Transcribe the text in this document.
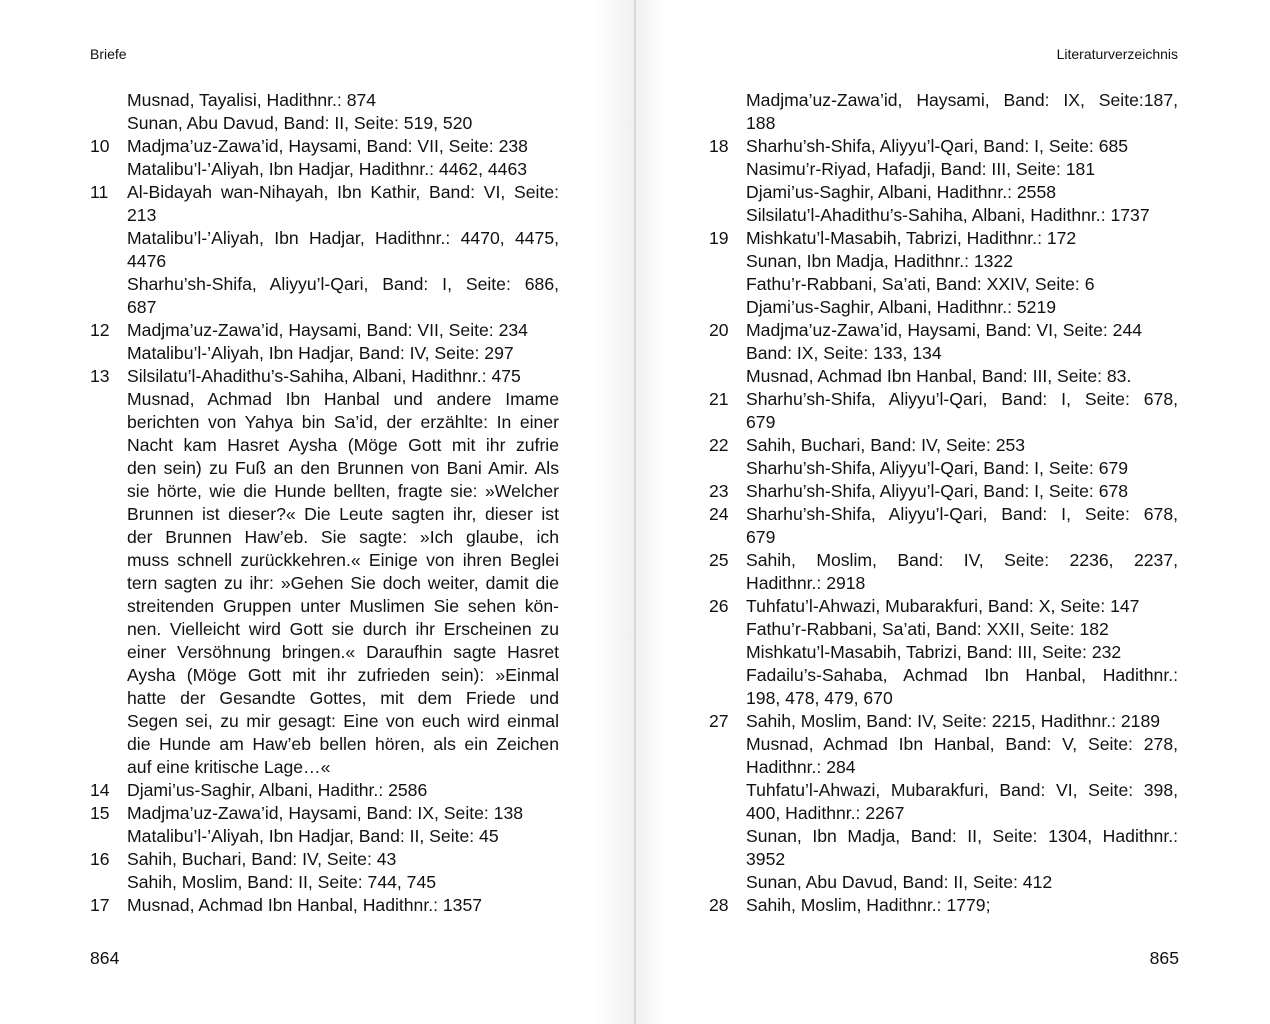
Briefe
Musnad, Tayalisi, Hadithnr.: 874
Sunan, Abu Davud, Band: II, Seite: 519, 520
10 Madjma’uz-Zawa’id, Haysami, Band: VII, Seite: 238
Matalibu’l-’Aliyah, Ibn Hadjar, Hadithnr.: 4462, 4463
11	Al-Bidayah wan-Nihayah, Ibn Kathir, Band: VI, Seite:
213
Matalibu’l-’Aliyah, Ibn Hadjar, Hadithnr.: 4470, 4475,
4476
Sharhu’sh-Shifa, Aliyyu’l-Qari, Band: I, Seite: 686,
687
12 Madjma’uz-Zawa’id, Haysami, Band: VII, Seite: 234
Matalibu’l-’Aliyah, Ibn Hadjar, Band: IV, Seite: 297
13 Silsilatu’l-Ahadithu’s-Sahiha, Albani, Hadithnr.: 475
Musnad, Achmad Ibn Hanbal und andere Imame
berichten von Yahya bin Sa’id, der erzählte: In einer
Nacht kam Hasret Aysha (Möge Gott mit ihr zufrie
den sein) zu Fuß an den Brunnen von Bani Amir. Als
sie hörte, wie die Hunde bellten, fragte sie: »Welcher
Brunnen ist dieser?« Die Leute sagten ihr, dieser ist
der Brunnen Haw’eb. Sie sagte: »Ich glaube, ich
muss schnell zurückkehren.« Einige von ihren Beglei
tern sagten zu ihr: »Gehen Sie doch weiter, damit die
streitenden Gruppen unter Muslimen Sie sehen kön-
nen. Vielleicht wird Gott sie durch ihr Erscheinen zu
einer Versöhnung bringen.« Daraufhin sagte Hasret
Aysha (Möge Gott mit ihr zufrieden sein): »Einmal
hatte der Gesandte Gottes, mit dem Friede und
Segen sei, zu mir gesagt: Eine von euch wird einmal
die Hunde am Haw’eb bellen hören, als ein Zeichen
auf eine kritische Lage…«
14 Djami’us-Saghir, Albani, Hadithr.: 2586
15 Madjma’uz-Zawa’id, Haysami, Band: IX, Seite: 138
Matalibu’l-’Aliyah, Ibn Hadjar, Band: II, Seite: 45
16 Sahih, Buchari, Band: IV, Seite: 43
Sahih, Moslim, Band: II, Seite: 744, 745
17 Musnad, Achmad Ibn Hanbal, Hadithnr.: 1357
864
Literaturverzeichnis
Madjma’uz-Zawa’id, Haysami, Band: IX, Seite:187,
188
18 Sharhu’sh-Shifa, Aliyyu’l-Qari, Band: I, Seite: 685
Nasimu’r-Riyad, Hafadji, Band: III, Seite: 181
Djami’us-Saghir, Albani, Hadithnr.: 2558
Silsilatu’l-Ahadithu’s-Sahiha, Albani, Hadithnr.: 1737
19 Mishkatu’l-Masabih, Tabrizi, Hadithnr.: 172
Sunan, Ibn Madja, Hadithnr.: 1322
Fathu’r-Rabbani, Sa’ati, Band: XXIV, Seite: 6
Djami’us-Saghir, Albani, Hadithnr.: 5219
20 Madjma’uz-Zawa’id, Haysami, Band: VI, Seite: 244
Band: IX, Seite: 133, 134
Musnad, Achmad Ibn Hanbal, Band: III, Seite: 83.
21 Sharhu’sh-Shifa, Aliyyu’l-Qari, Band: I, Seite: 678,
679
22 Sahih, Buchari, Band: IV, Seite: 253
Sharhu’sh-Shifa, Aliyyu’l-Qari, Band: I, Seite: 679
23 Sharhu’sh-Shifa, Aliyyu’l-Qari, Band: I, Seite: 678
24 Sharhu’sh-Shifa, Aliyyu’l-Qari, Band: I, Seite: 678,
679
25 Sahih, Moslim, Band: IV, Seite: 2236, 2237,
Hadithnr.: 2918
26 Tuhfatu’l-Ahwazi, Mubarakfuri, Band: X, Seite: 147
Fathu’r-Rabbani, Sa’ati, Band: XXII, Seite: 182
Mishkatu’l-Masabih, Tabrizi, Band: III, Seite: 232
Fadailu’s-Sahaba, Achmad Ibn Hanbal, Hadithnr.:
198, 478, 479, 670
27 Sahih, Moslim, Band: IV, Seite: 2215, Hadithnr.: 2189
Musnad, Achmad Ibn Hanbal, Band: V, Seite: 278,
Hadithnr.: 284
Tuhfatu’l-Ahwazi, Mubarakfuri, Band: VI, Seite: 398,
400, Hadithnr.: 2267
Sunan, Ibn Madja, Band: II, Seite: 1304, Hadithnr.:
3952
Sunan, Abu Davud, Band: II, Seite: 412
28 Sahih, Moslim, Hadithnr.: 1779;
865
